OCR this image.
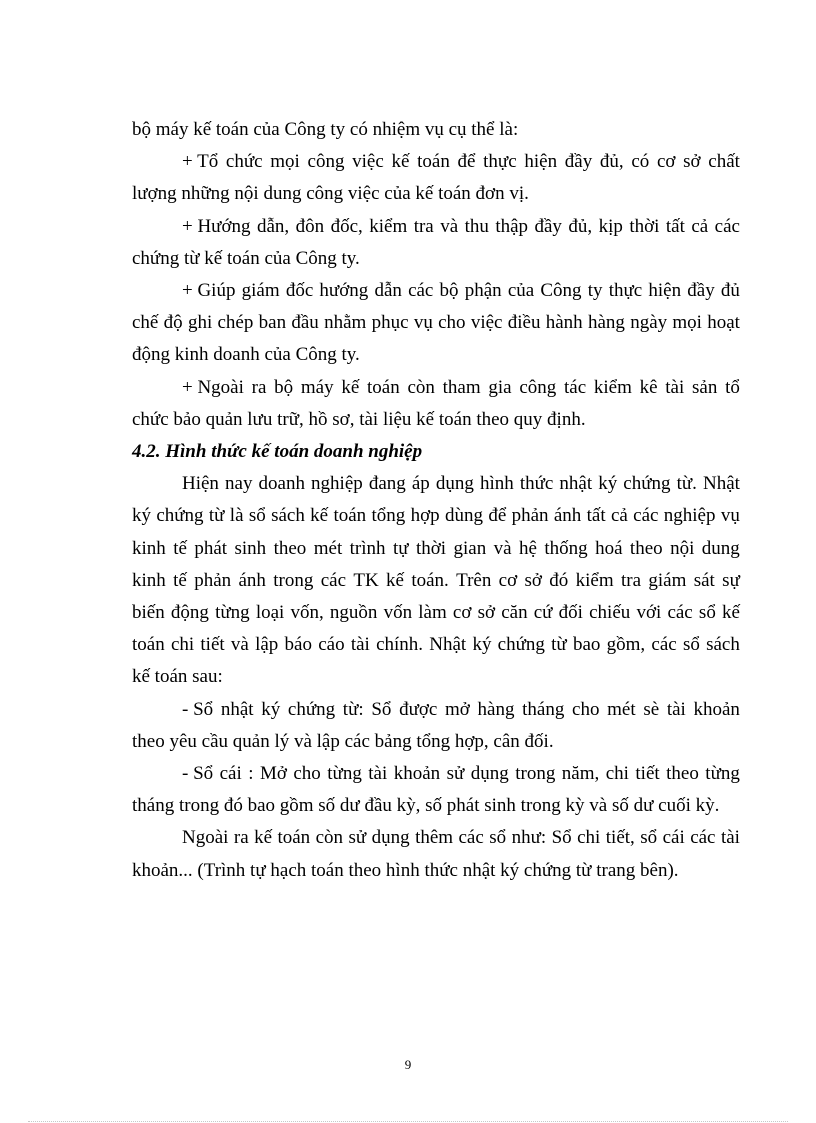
bộ máy kế toán của Công ty có nhiệm vụ cụ thể là:

+ Tổ chức mọi công việc kế toán để thực hiện đầy đủ, có cơ sở chất

lượng những nội dung công việc của kế toán đơn vị.

+ Hướng dẫn, đôn đốc, kiểm tra và thu thập đầy đủ, kịp thời tất cả các

chứng từ kế toán của Công ty.

+ Giúp giám đốc hướng dẫn các bộ phận của Công ty thực hiện đầy đủ

chế độ ghi chép ban đầu nhằm phục vụ cho việc điều hành hàng ngày mọi hoạt

động kinh doanh của Công ty.

+ Ngoài ra bộ máy kế toán còn tham gia công tác kiểm kê tài sản tổ

chức bảo quản lưu trữ, hồ sơ, tài liệu kế toán theo quy định.

4.2. Hình thức kế toán doanh nghiệp

Hiện nay doanh nghiệp đang áp dụng hình thức nhật ký chứng từ. Nhật

ký chứng từ là sổ sách kế toán tổng hợp dùng để phản ánh tất cả các nghiệp vụ

kinh tế phát sinh theo mét trình tự thời gian và hệ thống hoá theo nội dung

kinh tế phản ánh trong các TK kế toán. Trên cơ sở đó kiểm tra giám sát sự

biến động từng loại vốn, nguồn vốn làm cơ sở căn cứ đối chiếu với các sổ kế

toán chi tiết và lập báo cáo tài chính. Nhật ký chứng từ bao gồm, các sổ sách

kế toán sau:

- Sổ nhật ký chứng từ: Sổ được mở hàng tháng cho mét sè tài khoản

theo yêu cầu quản lý và lập các bảng tổng hợp, cân đối.

- Sổ cái : Mở cho từng tài khoản sử dụng trong năm, chi tiết theo từng

tháng trong đó bao gồm số dư đầu kỳ, số phát sinh trong kỳ và số dư cuối kỳ.

Ngoài ra kế toán còn sử dụng thêm các sổ như: Sổ chi tiết, sổ cái các tài

khoản... (Trình tự hạch toán theo hình thức nhật ký chứng từ trang bên).

9
